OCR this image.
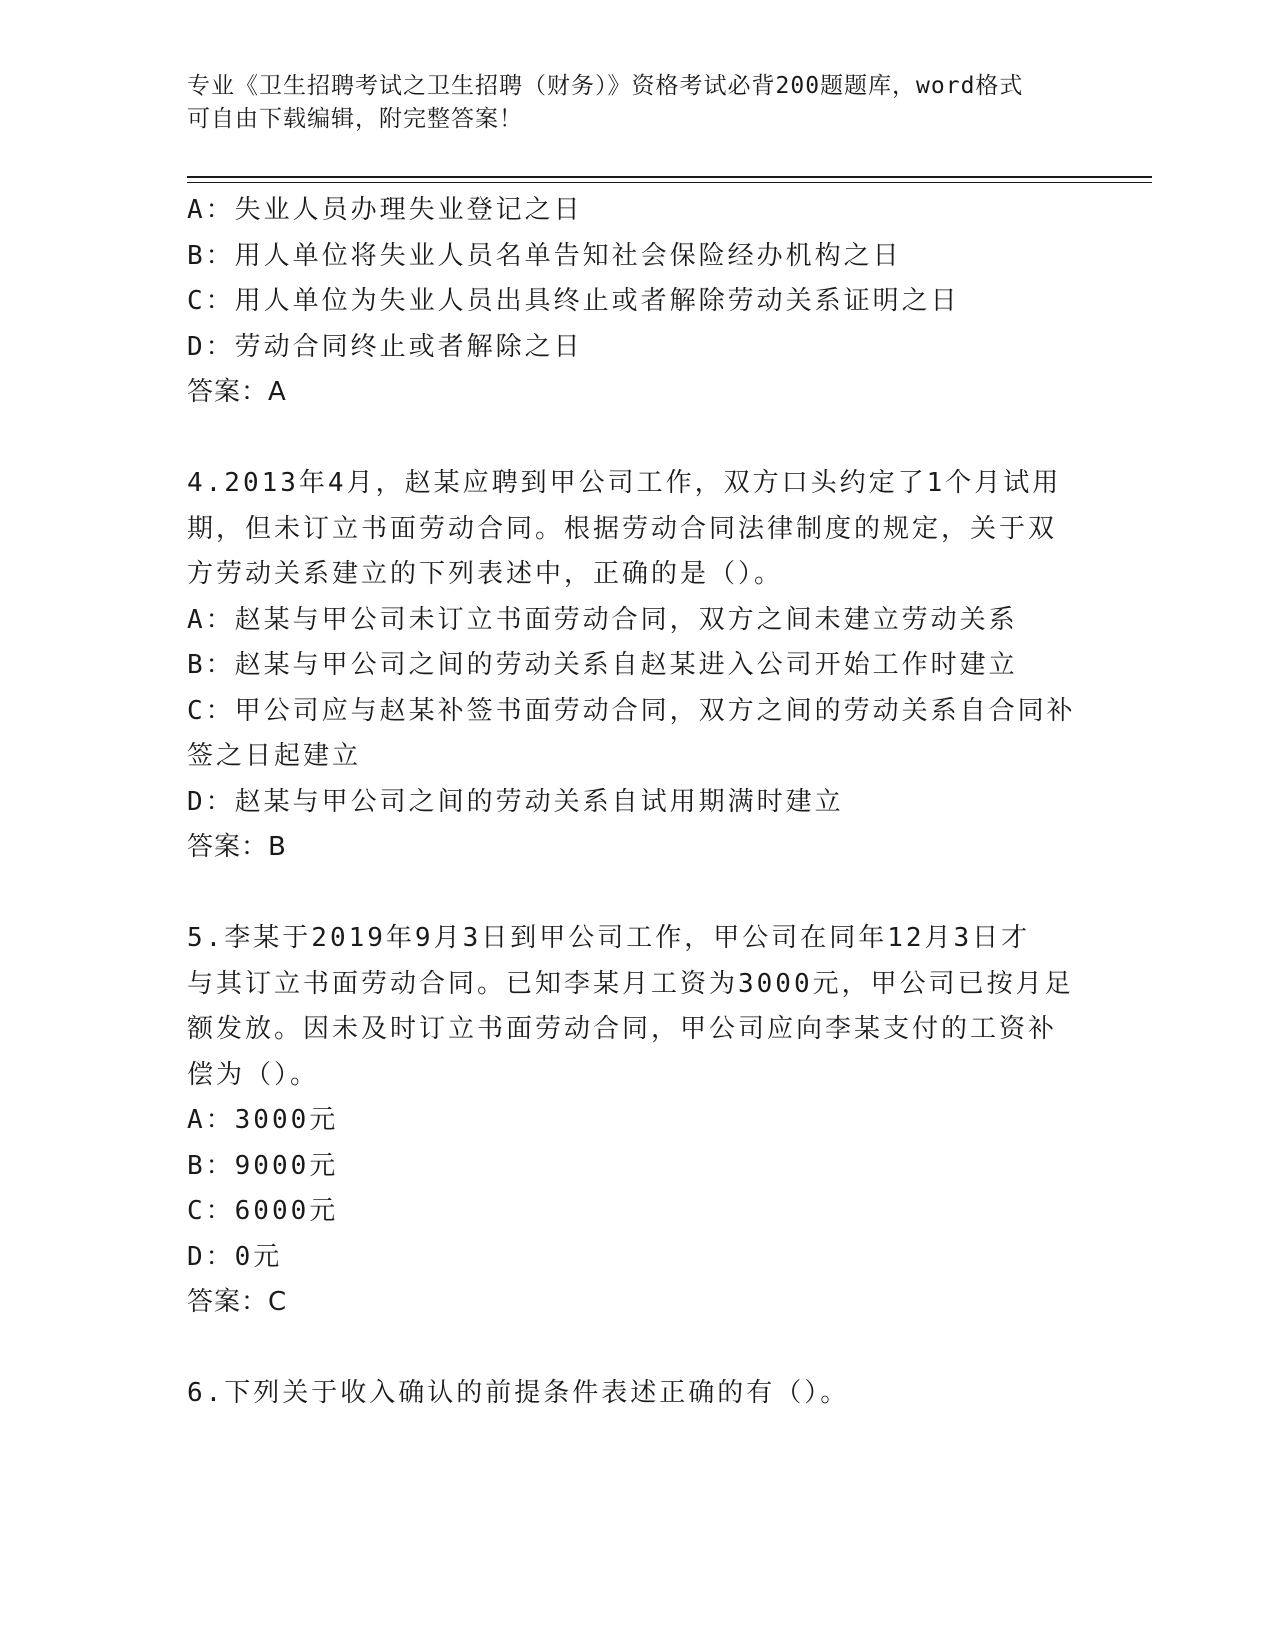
专业《卫生招聘考试之卫生招聘（财务）》资格考试必背200题题库，word格式
可自由下载编辑，附完整答案！
A：失业人员办理失业登记之日
B：用人单位将失业人员名单告知社会保险经办机构之日
C：用人单位为失业人员出具终止或者解除劳动关系证明之日
D：劳动合同终止或者解除之日
答案：A
4.2013年4月，赵某应聘到甲公司工作，双方口头约定了1个月试用
期，但未订立书面劳动合同。根据劳动合同法律制度的规定，关于双
方劳动关系建立的下列表述中，正确的是（）。
A：赵某与甲公司未订立书面劳动合同，双方之间未建立劳动关系
B：赵某与甲公司之间的劳动关系自赵某进入公司开始工作时建立
C：甲公司应与赵某补签书面劳动合同，双方之间的劳动关系自合同补
签之日起建立
D：赵某与甲公司之间的劳动关系自试用期满时建立
答案：B
5.李某于2019年9月3日到甲公司工作，甲公司在同年12月3日才
与其订立书面劳动合同。已知李某月工资为3000元，甲公司已按月足
额发放。因未及时订立书面劳动合同，甲公司应向李某支付的工资补
偿为（）。
A：3000元
B：9000元
C：6000元
D：0元
答案：C
6.下列关于收入确认的前提条件表述正确的有（）。
